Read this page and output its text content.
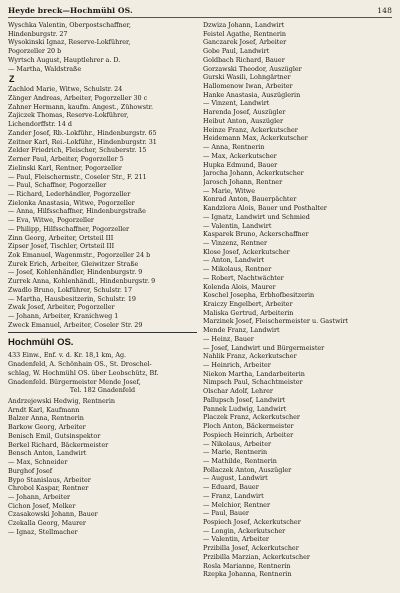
Heyde breck—Hochmühl OS.	148
Wyschka Valentin, Oberpostschaffner,
Hindenburgstr. 27
Wysokinski Ignaz, Reserve-Lokführer,
Pogorzeller 20 b
Wyrtsch August, Hauptlehrer a. D.
— Martha, Waldstraße
Z
Zachlod Marie, Witwe, Schulstr. 24
Zänger Andreas, Arbeiter, Pogorzeller 30 c
Zahner Hermann, kaufm. Angest., Zühowstr.
Zajiczek Thomas, Reserve-Lokführer,
Lichendorffstr. 14 d
Zander Josef, Rb.-Lokführ., Hindenburgstr. 65
Zeitner Karl, Rei.-Lokführ., Hindenburgstr. 31
Zelder Friedrich, Fleischer, Schuberstr. 15
Zerner Paul, Arbeiter, Pogorzeller 5
Zielinski Karl, Rentner, Pogorzeller
— Paul, Fleischermstr., Coseler Str., F. 211
— Paul, Schaffner, Pogorzeller
— Richard, Lederhändler, Pogorzeller
Zielonka Anastasia, Witwe, Pogorzeller
— Anna, Hilfsschaffner, Hindenburgstraße
— Eva, Witwe, Pogorzeller
— Philipp, Hilfsschaffner, Pogorzeller
Zinn Georg, Arbeiter, Ortsteil III
Zipser Josef, Tischler, Ortsteil III
Zok Emanuel, Wagenmstr., Pogorzeller 24 b
Zurek Erich, Arbeiter, Gleiwitzer Straße
— Josef, Kohlenhändler, Hindenburgstr. 9
Zurrek Anna, Kohlenhändl., Hindenburgstr. 9
Zwadlo Bruno, Lokführer, Schulstr. 17
— Martha, Hausbesitzerin, Schulstr. 19
Zwak Josef, Arbeiter, Pogorzeller
— Johann, Arbeiter, Kranichweg 1
Zweck Emanuel, Arbeiter, Coseler Str. 29
Hochmühl OS.
433 Einw., Enf. v. d. Kr. 18,1 km, Ag.
Gnadenfeld, A. Schönhain OS., St. Droschel-
schlag, W. Hochmühl OS. über Leobschütz, Bf.
Gnadenfeld. Bürgermeister Mende Josef,
Tel. 182 Gnadenfeld
Andrzejewski Hedwig, Rentnerin
Arndt Karl, Kaufmann
Balzer Anna, Rentnerin
Barkow Georg, Arbeiter
Benisch Emil, Gutsinspektor
Berkel Richard, Bäckermeister
Bensch Anton, Landwirt
— Max, Schneider
Burghof Josef
Bypo Stanislaus, Arbeiter
Chrobol Kaspar, Rentner
— Johann, Arbeiter
Cichon Josef, Melker
Czasakowski Johann, Bauer
Czekalla Georg, Maurer
— Ignaz, Stellmacher
Dzwiza Johann, Landwirt
Feistel Agathe, Rentnerin
Ganczarek Josef, Arbeiter
Gobe Paul, Landwirt
Goldbach Richard, Bauer
Gorzawski Theodor, Auszügler
Gurski Wasili, Lohngärtner
Hallomenow Iwan, Arbeiter
Hanke Anastasia, Auszüglerin
— Vinzent, Landwirt
Harenda Josef, Auszügler
Heibut Anton, Auszügler
Heinze Franz, Ackerkutscher
Heidemann Max, Ackerkutscher
— Anna, Rentnerin
— Max, Ackerkutscher
Hupka Edmund, Bauer
Jarocha Johann, Ackerkutscher
Jarosch Johann, Rentner
— Marie, Witwe
Konrad Anton, Bauerpächter
Kandzlora Alois, Bauer und Posthalter
— Ignatz, Landwirt und Schmied
— Valentin, Landwirt
Kasparek Bruno, Ackerschaffner
— Vinzenz, Rentner
Klose Josef, Ackerkutscher
— Anton, Landwirt
— Mikolaus, Rentner
— Robert, Nachtwächter
Kolenda Alois, Maurer
Koschel Josepha, Erbhofbesitzerin
Kraiczy Engelbert, Arbeiter
Maliska Gertrud, Arbeiterin
Marzinek Josef, Fleischermeister u. Gastwirt
Mende Franz, Landwirt
— Heinz, Bauer
— Josef, Landwirt und Bürgermeister
Nahlik Franz, Ackerkutscher
— Heinrich, Arbeiter
Niekon Martha, Landarbeiterin
Nimpsch Paul, Schachtmeister
Olschar Adolf, Lehrer
Pallupsch Josef, Landwirt
Pannek Ludwig, Landwirt
Placzek Franz, Ackerkutscher
Ploch Anton, Bäckermeister
Pospiech Heinrich, Arbeiter
— Nikolaus, Arbeiter
— Marie, Rentnerin
— Mathilde, Rentnerin
Pollaczek Anton, Auszügler
— August, Landwirt
— Eduard, Bauer
— Franz, Landwirt
— Melchior, Rentner
— Paul, Bauer
Pospiech Josef, Ackerkutscher
— Longin, Ackerkutscher
— Valentin, Arbeiter
Przibilla Josef, Ackerkutscher
Przibilla Marzian, Ackerkutscher
Rosla Marianne, Rentnerin
Rzepka Johanna, Rentnerin
